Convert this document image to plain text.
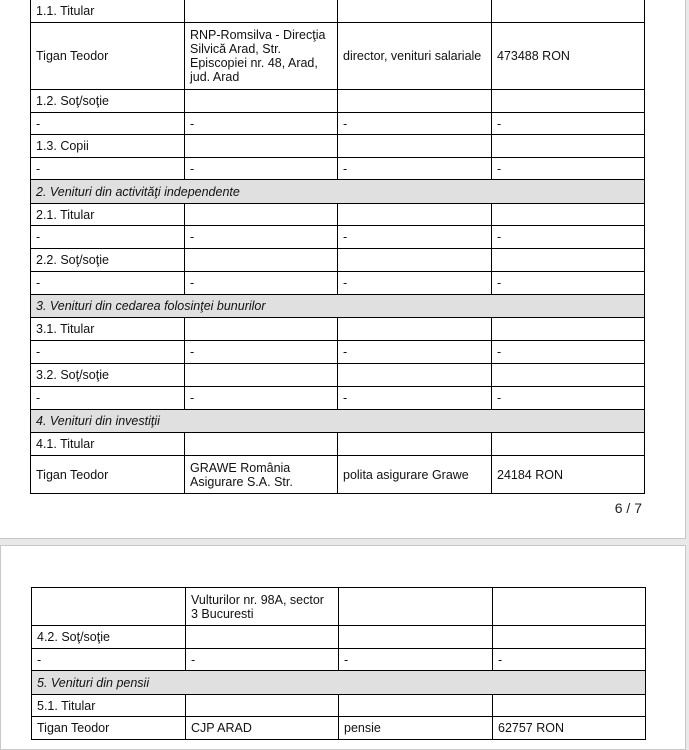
1.1. Titular			
Tigan Teodor	RNP-Romsilva - Direcţia Silvică Arad, Str. Episcopiei nr. 48, Arad, jud. Arad	director, venituri salariale	473488 RON
1.2. Soţ/soţie			
-	-	-	-
1.3. Copii			
-	-	-	-
2. Venituri din activităţi independente			
2.1. Titular			
-	-	-	-
2.2. Soţ/soţie			
-	-	-	-
3. Venituri din cedarea folosinţei bunurilor			
3.1. Titular			
-	-	-	-
3.2. Soţ/soţie			
-	-	-	-
4. Venituri din investiţii			
4.1. Titular			
Tigan Teodor	GRAWE România Asigurare S.A. Str.	polita asigurare Grawe	24184 RON
6 / 7
	Vulturilor nr. 98A, sector 3 Bucuresti		
4.2. Soţ/soţie			
-	-	-	-
5. Venituri din pensii			
5.1. Titular			
Tigan Teodor	CJP ARAD	pensie	62757 RON
